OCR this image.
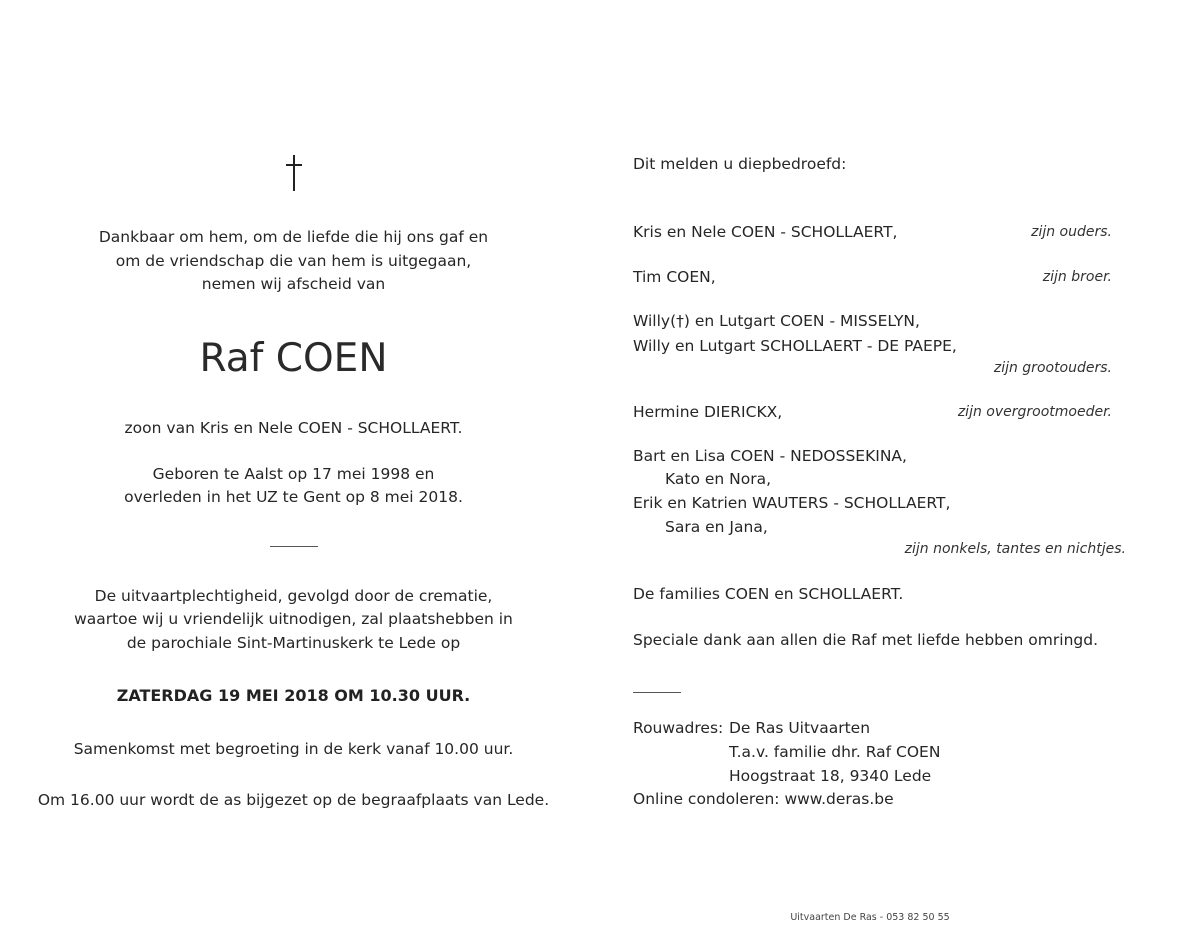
Dankbaar om hem, om de liefde die hij ons gaf en
om de vriendschap die van hem is uitgegaan,
nemen wij afscheid van
Raf COEN
zoon van Kris en Nele COEN - SCHOLLAERT.
Geboren te Aalst op 17 mei 1998 en
overleden in het UZ te Gent op 8 mei 2018.
De uitvaartplechtigheid, gevolgd door de crematie,
waartoe wij u vriendelijk uitnodigen, zal plaatshebben in
de parochiale Sint-Martinuskerk te Lede op
ZATERDAG 19 MEI 2018 OM 10.30 UUR.
Samenkomst met begroeting in de kerk vanaf 10.00 uur.
Om 16.00 uur wordt de as bijgezet op de begraafplaats van Lede.
Dit melden u diepbedroefd:
Kris en Nele COEN - SCHOLLAERT,	zijn ouders.
Tim COEN,	zijn broer.
Willy(†) en Lutgart COEN - MISSELYN,
Willy en Lutgart SCHOLLAERT - DE PAEPE,
zijn grootouders.
Hermine DIERICKX,	zijn overgrootmoeder.
Bart en Lisa COEN - NEDOSSEKINA,
Kato en Nora,
Erik en Katrien WAUTERS - SCHOLLAERT,
Sara en Jana,
zijn nonkels, tantes en nichtjes.
De families COEN en SCHOLLAERT.
Speciale dank aan allen die Raf met liefde hebben omringd.
Rouwadres: De Ras Uitvaarten
T.a.v. familie dhr. Raf COEN
Hoogstraat 18, 9340 Lede
Online condoleren: www.deras.be
Uitvaarten De Ras - 053 82 50 55
